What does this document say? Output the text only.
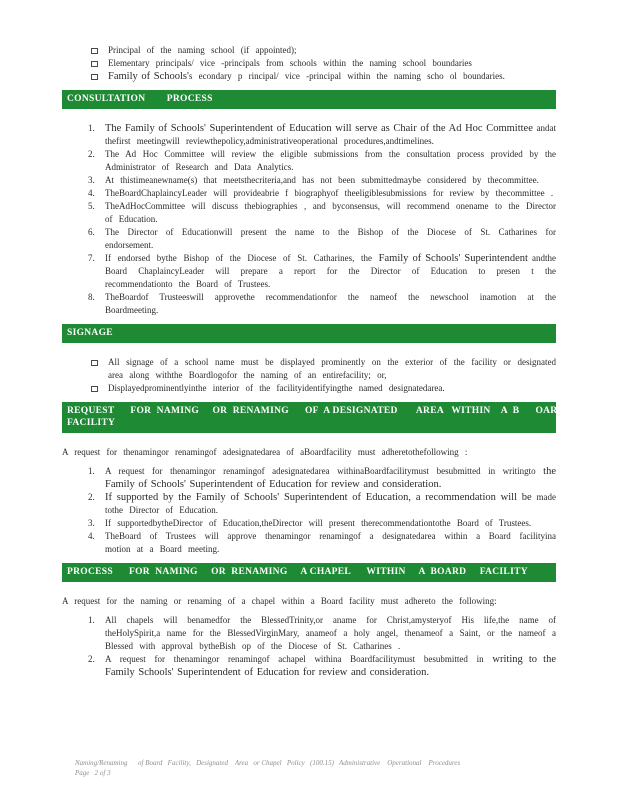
Principal of the naming school (if appointed);
Elementary principals/ vice -principals from schools within the naming school boundaries
Family of Schools's econdary p rincipal/ vice -principal within the naming scho ol boundaries.
CONSULTATION        PROCESS
1. The Family of Schools' Superintendent of Education will serve as Chair of the Ad Hoc Committee andat thefirst meetingwill reviewthepolicy,administrativeoperational procedures,andtimelines.
2.	The Ad Hoc Committee will review the eligible submissions from the consultation process provided by the Administrator of Research and Data Analytics.
3.	At thistimeanewname(s) that meetsthecriteria,and has not been submittedmaybe considered by thecommittee.
4.	TheBoardChaplaincyLeader will provideabrie f biographyof theeligiblesubmissions for review by thecommittee .
5.	TheAdHocCommittee will discuss thebiographies , and byconsensus, will recommend onename to the Director of Education.
6.	The Director of Educationwill present the name to the Bishop of the Diocese of St. Catharines for endorsement.
7.	If endorsed bythe Bishop of the Diocese of St. Catharines, the Family of Schools' Superintendent andthe Board ChaplaincyLeader will prepare a report for the Director of Education to presen t the recommendationto the Board of Trustees.
8.	TheBoardof Trusteeswill approvethe recommendationfor the nameof the newschool inamotion at the Boardmeeting.
SIGNAGE
All signage of a school name must be displayed prominently on the exterior of the facility or designated area along withthe Boardlogofor the naming of an entirefacility; or,
Displayedprominentlyinthe interior of the facilityidentifyingthe named designatedarea.
REQUEST      FOR  NAMING     OR  RENAMING      OF  A DESIGNATED       AREA   WITHIN    A  B      OARD
FACILITY
A request for thenamingor renamingof adesignatedarea of aBoardfacility must adheretothefollowing :
1.	A request for thenamingor renamingof adesignatedarea withinaBoardfacilitymust besubmitted in writingto the Family of Schools' Superintendent of Education for review and consideration.
2. If supported by the Family of Schools' Superintendent of Education, a recommendation will be made tothe Director of Education.
3.	If supportedbytheDirector of Education,theDirector will present therecommendationtothe Board of Trustees.
4.	TheBoard of Trustees will approve thenamingor renamingof a designatedarea within a Board facilityina motion at a Board meeting.
PROCESS      FOR  NAMING     OR  RENAMING     A CHAPEL      WITHIN     A  BOARD     FACILITY
A request for the naming or renaming of a chapel within a Board facility must adhereto the following:
1.	All chapels will benamedfor the BlessedTrinity,or aname for Christ,amysteryof His life,the name of theHolySpirit,a name for the BlessedVirginMary, anameof a holy angel, thenameof a Saint, or the nameof a Blessed with approval bytheBish op of the Diocese of St. Catharines .
2.	A request for thenamingor renamingof achapel withina Boardfacilitymust besubmitted in writing to the Family Schools' Superintendent of Education for review and consideration.
Naming/Renaming      of Board   Facility,   Designated    Area   or Chapel   Policy   (100.15)   Administrative    Operational    Procedures
Page   2 of 3
